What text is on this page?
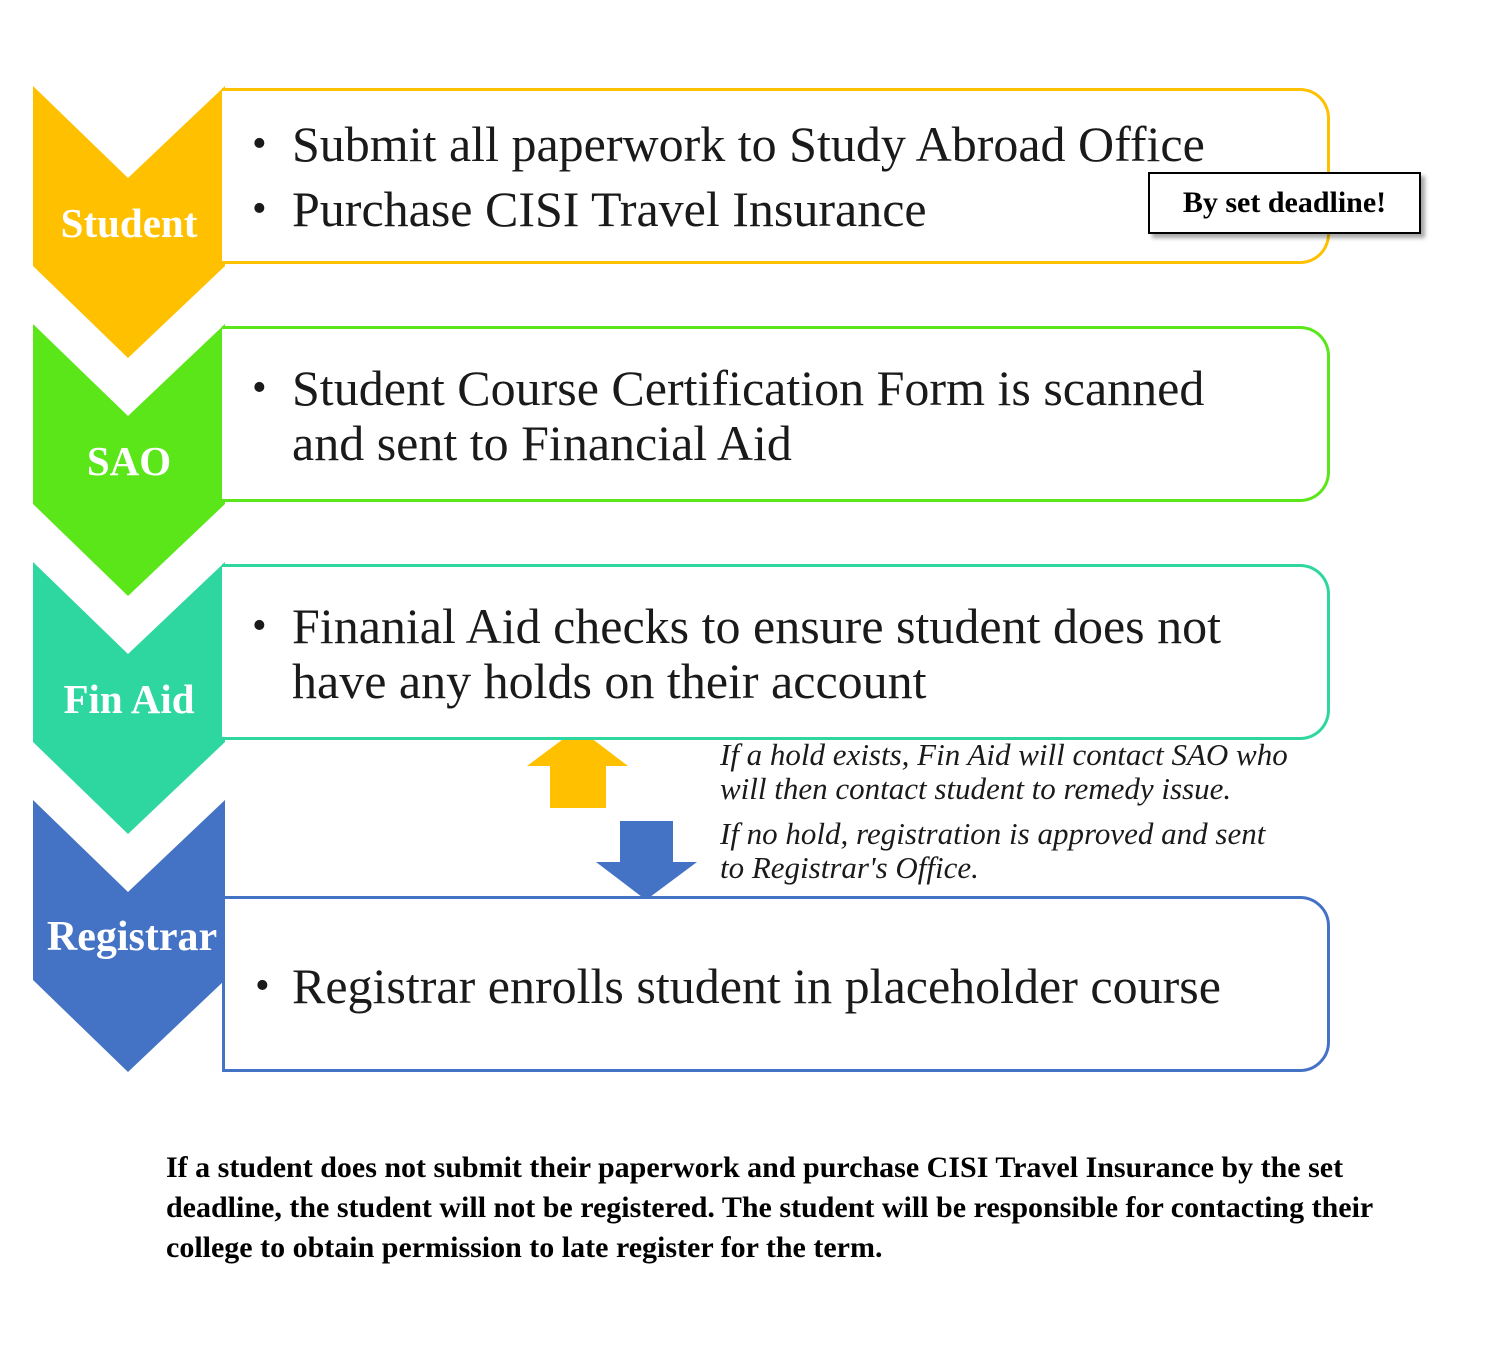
Student
SAO
Fin Aid
Registrar
• Submit all paperwork to Study Abroad Office
• Purchase CISI Travel Insurance
• Student Course Certification Form is scanned and sent to Financial Aid
• Finanial Aid checks to ensure student does not have any holds on their account
• Registrar enrolls student in placeholder course
By set deadline!
If a hold exists, Fin Aid will contact SAO who will then contact student to remedy issue.
If no hold, registration is approved and sent to Registrar's Office.
If a student does not submit their paperwork and purchase CISI Travel Insurance by the set deadline, the student will not be registered. The student will be responsible for contacting their college to obtain permission to late register for the term.
